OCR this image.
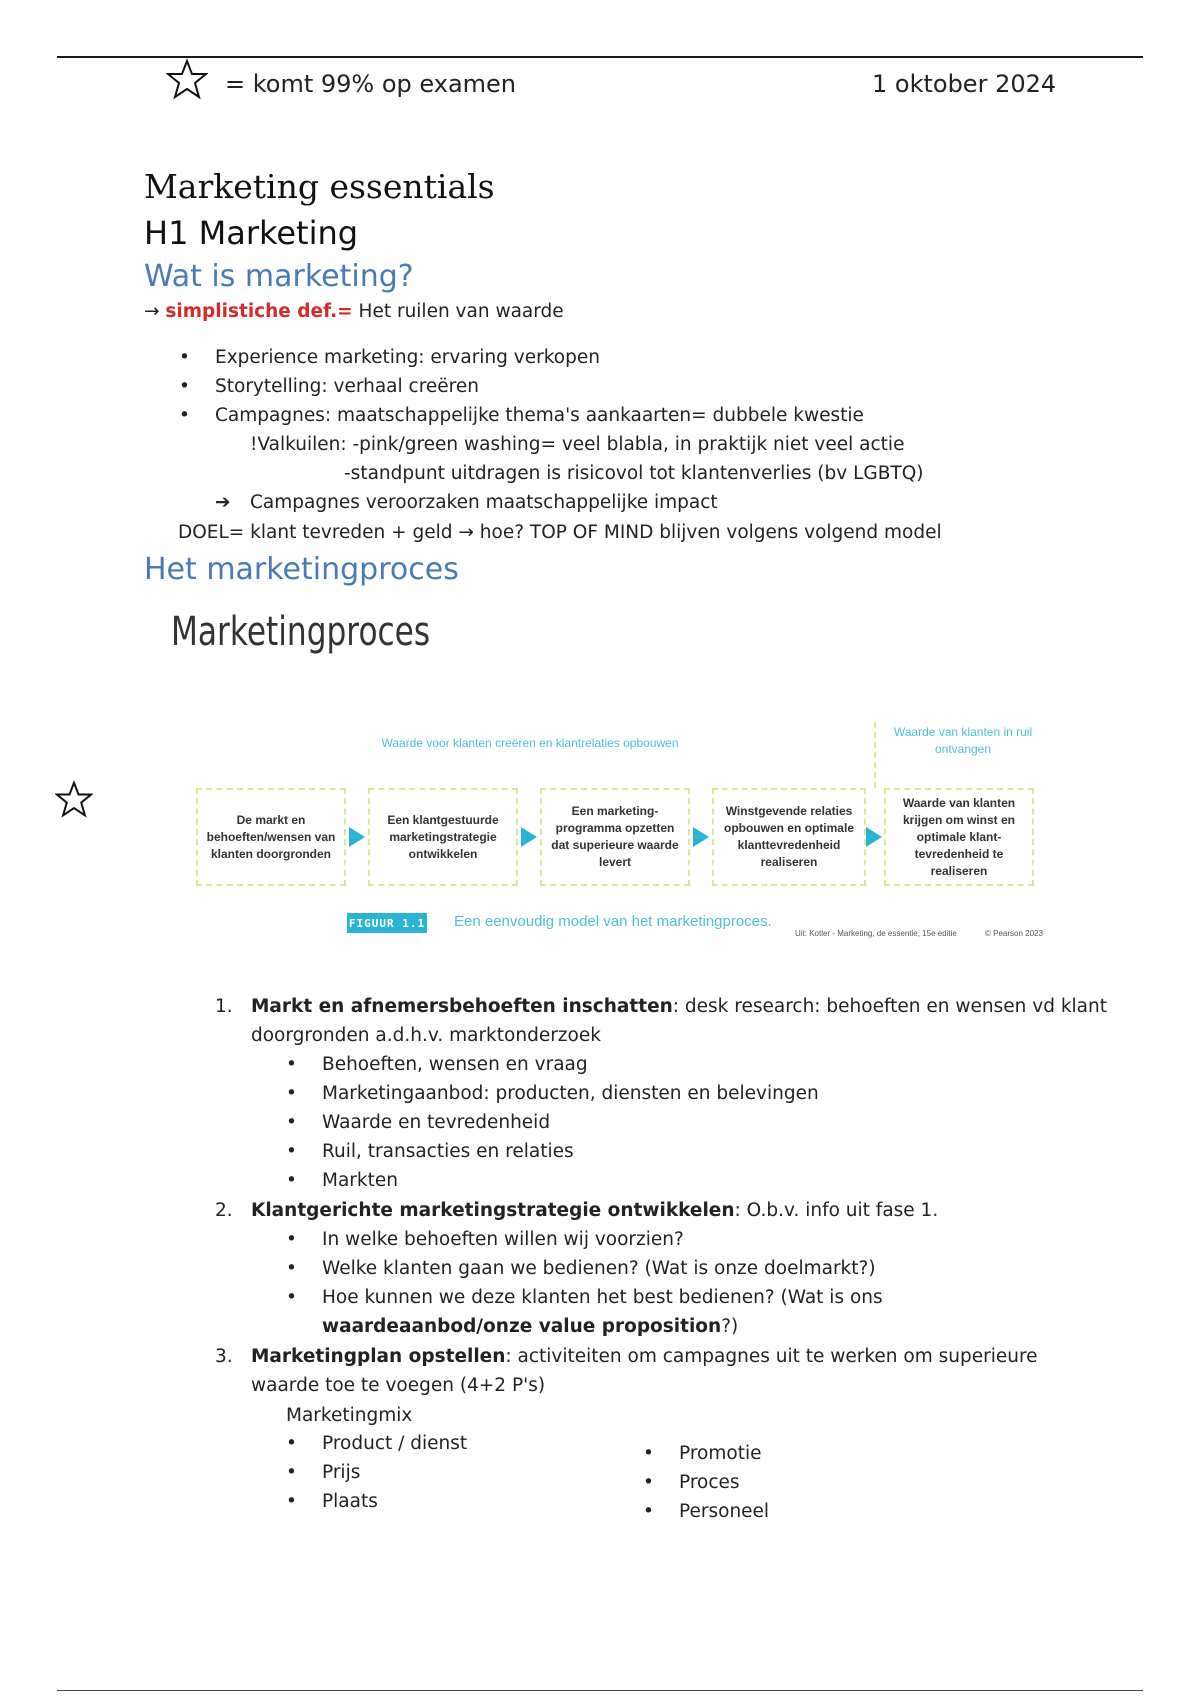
= komt 99% op examen	1 oktober 2024
Marketing essentials
H1 Marketing
Wat is marketing?
→ simplistiche def.= Het ruilen van waarde
• Experience marketing: ervaring verkopen
• Storytelling: verhaal creëren
• Campagnes: maatschappelijke thema's aankaarten= dubbele kwestie
!Valkuilen: -pink/green washing= veel blabla, in praktijk niet veel actie
-standpunt uitdragen is risicovol tot klantenverlies (bv LGBTQ)
➔ Campagnes veroorzaken maatschappelijke impact
DOEL= klant tevreden + geld → hoe? TOP OF MIND blijven volgens volgend model
Het marketingproces
Marketingproces
Waarde voor klanten creëren en klantrelaties opbouwen
Waarde van klanten in ruil ontvangen
De markt en behoeften/wensen van klanten doorgronden
Een klantgestuurde marketingstrategie ontwikkelen
Een marketing-programma opzetten dat superieure waarde levert
Winstgevende relaties opbouwen en optimale klanttevredenheid realiseren
Waarde van klanten krijgen om winst en optimale klant-tevredenheid te realiseren
FIGUUR 1.1 Een eenvoudig model van het marketingproces.
Uit: Kotler - Marketing, de essentie, 15e editie	© Pearson 2023
1. Markt en afnemersbehoeften inschatten: desk research: behoeften en wensen vd klant
doorgronden a.d.h.v. marktonderzoek
• Behoeften, wensen en vraag
• Marketingaanbod: producten, diensten en belevingen
• Waarde en tevredenheid
• Ruil, transacties en relaties
• Markten
2. Klantgerichte marketingstrategie ontwikkelen: O.b.v. info uit fase 1.
• In welke behoeften willen wij voorzien?
• Welke klanten gaan we bedienen? (Wat is onze doelmarkt?)
• Hoe kunnen we deze klanten het best bedienen? (Wat is ons
waardeaanbod/onze value proposition?)
3. Marketingplan opstellen: activiteiten om campagnes uit te werken om superieure
waarde toe te voegen (4+2 P's)
Marketingmix
• Product / dienst
• Prijs
• Plaats
• Promotie
• Proces
• Personeel
